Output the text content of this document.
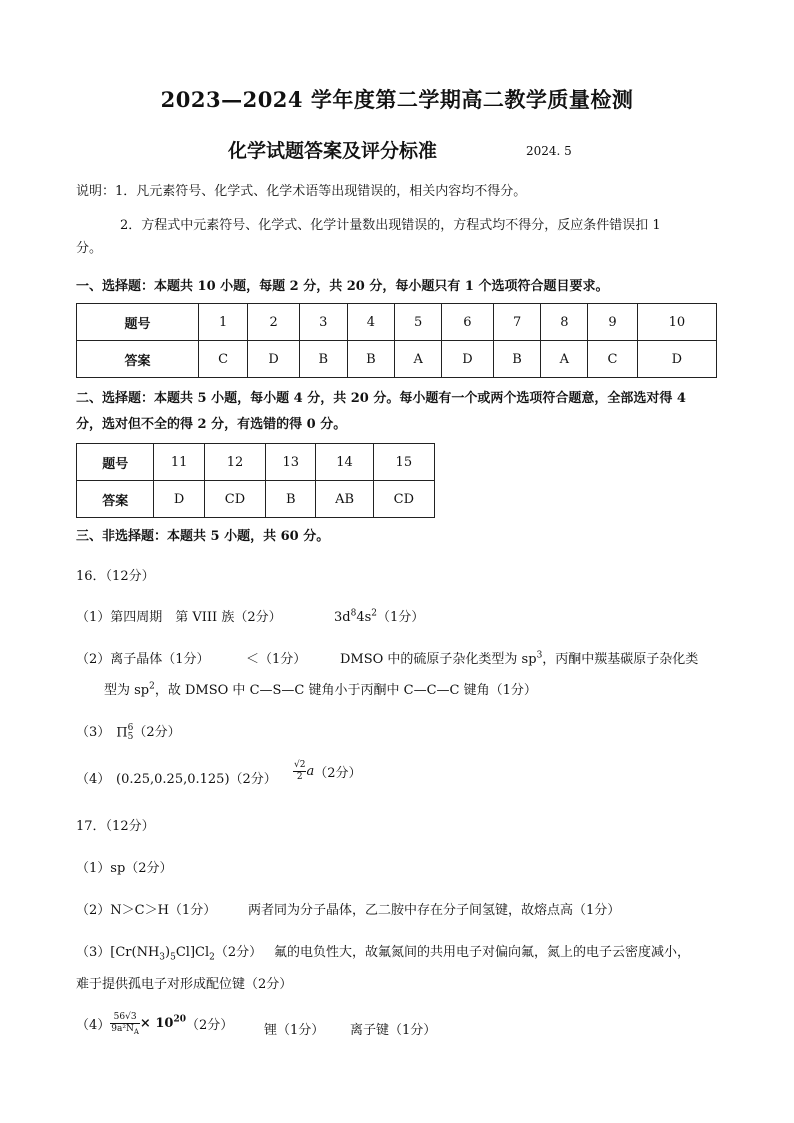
2023—2024 学年度第二学期高二教学质量检测
化学试题答案及评分标准	2024. 5
说明：1．凡元素符号、化学式、化学术语等出现错误的，相关内容均不得分。
2．方程式中元素符号、化学式、化学计量数出现错误的，方程式均不得分，反应条件错误扣 1
分。
一、选择题：本题共 10 小题，每题 2 分，共 20 分，每小题只有 1 个选项符合题目要求。
题号	1	2	3	4	5	6	7	8	9	10
答案	C	D	B	B	A	D	B	A	C	D
二、选择题：本题共 5 小题，每小题 4 分，共 20 分。每小题有一个或两个选项符合题意，全部选对得 4
分，选对但不全的得 2 分，有选错的得 0 分。
题号	11	12	13	14	15
答案	D	CD	B	AB	CD
三、非选择题：本题共 5 小题，共 60 分。
16．（12分）
（1）第四周期　第 VIII 族（2分）	$3d^84s^2(1$分）
（2）离子晶体（1分）	＜（1分）	DMSO 中的硫原子杂化类型为 $sp^3$，丙酮中羰基碳原子杂化类
型为 $sp^2$，故 DMSO 中 C—S—C 键角小于丙酮中 C—C—C 键角（1分）
（3） Π 6
5 （2分）
（4） (0.25,0.25,0.125)（2分） $\frac{√2}{2} a(2$分）
17．（12分）
（1）sp（2分）
（2）N＞C＞H（1分） 两者同为分子晶体，乙二胺中存在分子间氢键，故熔点高（1分）
$(3)[Cr(NH_3)_5Cl]Cl_2(2$分） 氟的电负性大，故氟氮间的共用电子对偏向氟，氮上的电子云密度减小，
难于提供孤电子对形成配位键（2分）
$(4) \frac{56√3}{9a^2N_A} \times 10^{20}(2$分） 锂（1分） 离子键（1分）
